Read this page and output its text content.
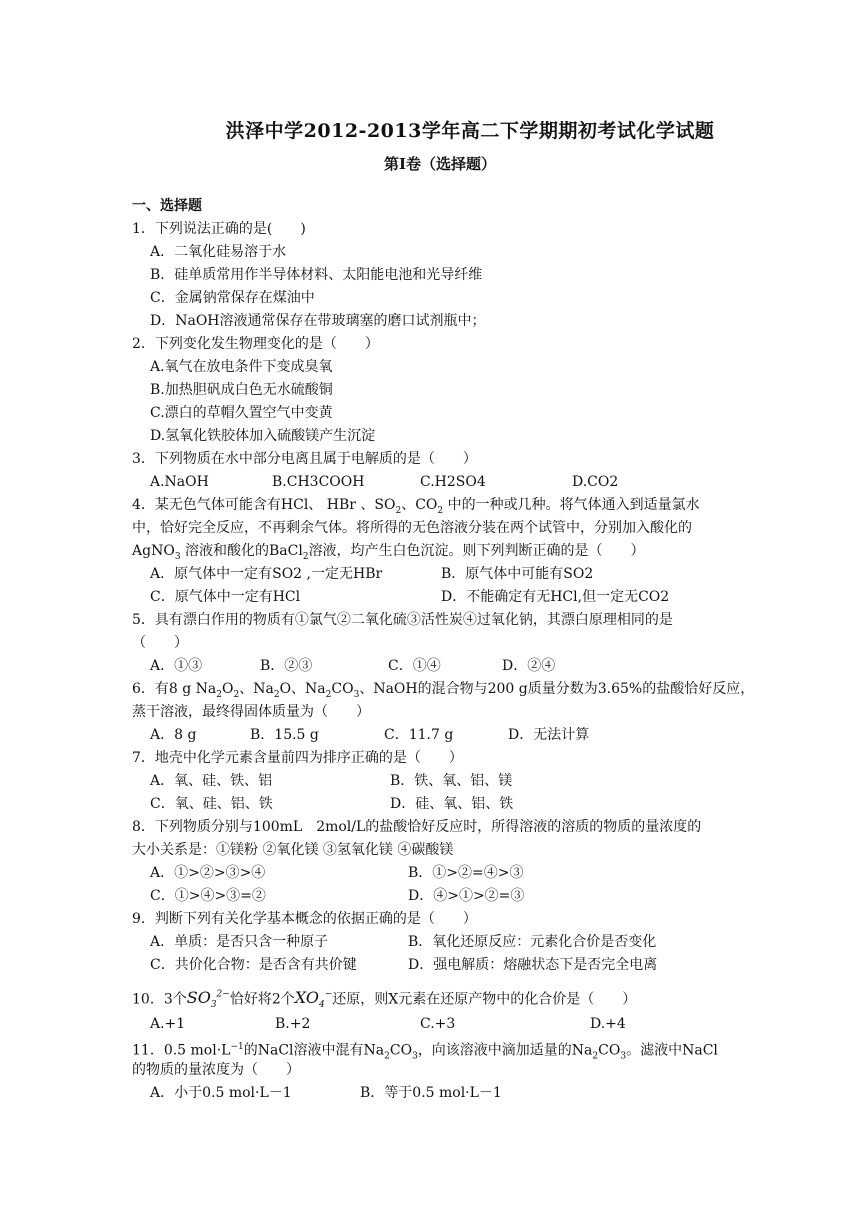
洪泽中学2012-2013学年高二下学期期初考试化学试题
第I卷（选择题）
一、选择题
1．下列说法正确的是(　　)
A．二氧化硅易溶于水
B．硅单质常用作半导体材料、太阳能电池和光导纤维
C．金属钠常保存在煤油中
D．NaOH溶液通常保存在带玻璃塞的磨口试剂瓶中；
2．下列变化发生物理变化的是（　　）
A.氧气在放电条件下变成臭氧
B.加热胆矾成白色无水硫酸铜
C.漂白的草帽久置空气中变黄
D.氢氧化铁胶体加入硫酸镁产生沉淀
3．下列物质在水中部分电离且属于电解质的是（　　）
A.NaOH	B.CH3COOH	C.H2SO4	D.CO2
4．某无色气体可能含有HCl、 HBr 、$SO_2$、$CO_2$ 中的一种或几种。将气体通入到适量氯水
中，恰好完全反应，不再剩余气体。将所得的无色溶液分装在两个试管中，分别加入酸化的
AgNO$_3$ 溶液和酸化的BaCl$_2$溶液，均产生白色沉淀。则下列判断正确的是（　　）
A．原气体中一定有SO2 ,一定无HBr	B．原气体中可能有SO2
C．原气体中一定有HCl	D．不能确定有无HCl,但一定无CO2
5．具有漂白作用的物质有①氯气②二氧化硫③活性炭④过氧化钠，其漂白原理相同的是
（　　）
A．①③	B．②③	C．①④	D．②④
6．有8 g $Na_2O_2$、$Na_2O$、$Na_2CO_3$、NaOH的混合物与200 g质量分数为3.65%的盐酸恰好反应，
蒸干溶液，最终得固体质量为（　　）
A．8 g	B．15.5 g	C．11.7 g	D．无法计算
7．地壳中化学元素含量前四为排序正确的是（　　）
A．氧、硅、铁、铝	B．铁、氧、铝、镁
C．氧、硅、铝、铁	D．硅、氧、铝、铁
8．下列物质分别与100mL　2mol/L的盐酸恰好反应时，所得溶液的溶质的物质的量浓度的
大小关系是：①镁粉 ②氧化镁 ③氢氧化镁 ④碳酸镁
A．①>②>③>④	B．①>②=④>③
C．①>④>③=②	D．④>①>②=③
9．判断下列有关化学基本概念的依据正确的是（　　）
A．单质：是否只含一种原子	B．氧化还原反应：元素化合价是否变化
C．共价化合物：是否含有共价键	D．强电解质：熔融状态下是否完全电离
10．3个$SO_3^{2-}$恰好将2个$XO_4^-$还原，则X元素在还原产物中的化合价是（　　）
A.+1	B.+2	C.+3	D.+4
11．0.5 $mol\cdot L^{-1}$的NaCl溶液中混有$Na_2CO_3$，向该溶液中滴加适量的$Na_2CO_3$。滤液中NaCl
的物质的量浓度为（　　）
A．小于0.5 mol·L－1	B．等于0.5 mol·L－1
